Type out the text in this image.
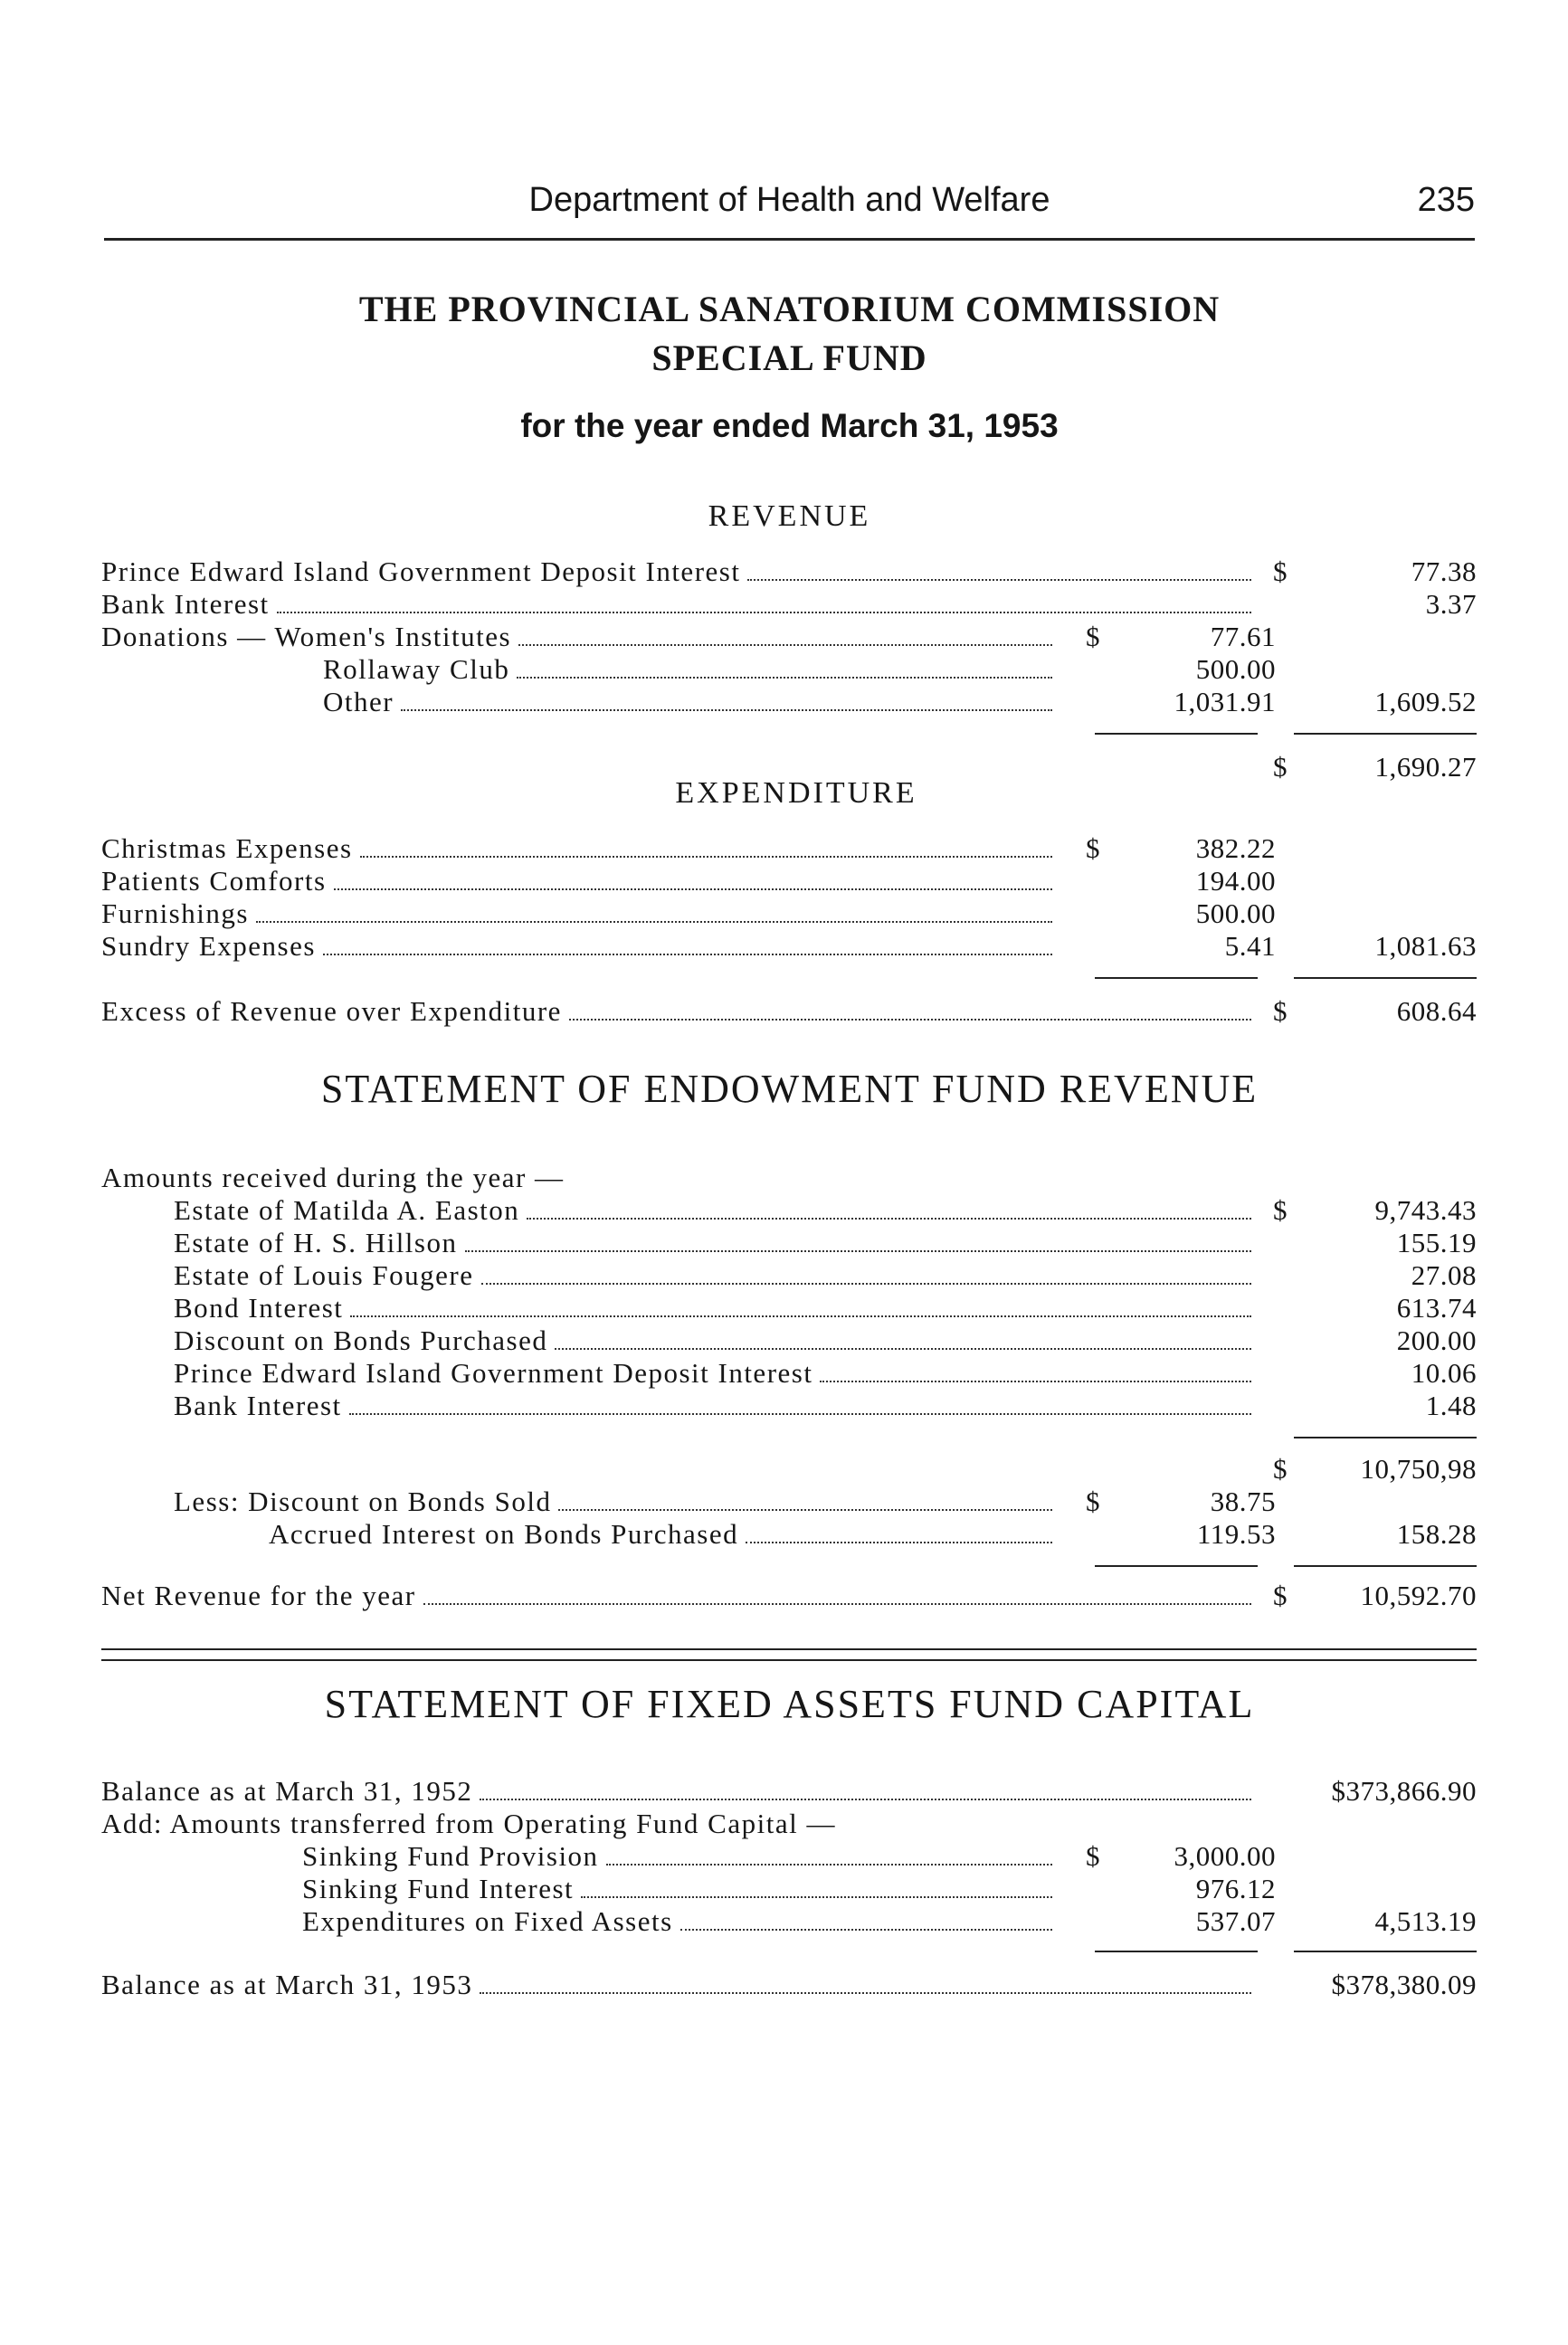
Department of Health and Welfare	235
THE PROVINCIAL SANATORIUM COMMISSION
SPECIAL FUND
for the year ended March 31, 1953
REVENUE
Prince Edward Island Government Deposit Interest	$	77.38
Bank Interest	3.37
Donations — Women's Institutes	$	77.61
Rollaway Club	500.00
Other	1,031.91	1,609.52
$	1,690.27
EXPENDITURE
Christmas Expenses	$	382.22
Patients Comforts	194.00
Furnishings	500.00
Sundry Expenses	5.41	1,081.63
Excess of Revenue over Expenditure	$	608.64
STATEMENT OF ENDOWMENT FUND REVENUE
Amounts received during the year —
Estate of Matilda A. Easton	$	9,743.43
Estate of H. S. Hillson	155.19
Estate of Louis Fougere	27.08
Bond Interest	613.74
Discount on Bonds Purchased	200.00
Prince Edward Island Government Deposit Interest	10.06
Bank Interest	1.48
$	10,750,98
Less: Discount on Bonds Sold	$	38.75
Accrued Interest on Bonds Purchased	119.53	158.28
Net Revenue for the year	$	10,592.70
STATEMENT OF FIXED ASSETS FUND CAPITAL
Balance as at March 31, 1952	$373,866.90
Add: Amounts transferred from Operating Fund Capital —
Sinking Fund Provision	$	3,000.00
Sinking Fund Interest	976.12
Expenditures on Fixed Assets	537.07	4,513.19
Balance as at March 31, 1953	$378,380.09
